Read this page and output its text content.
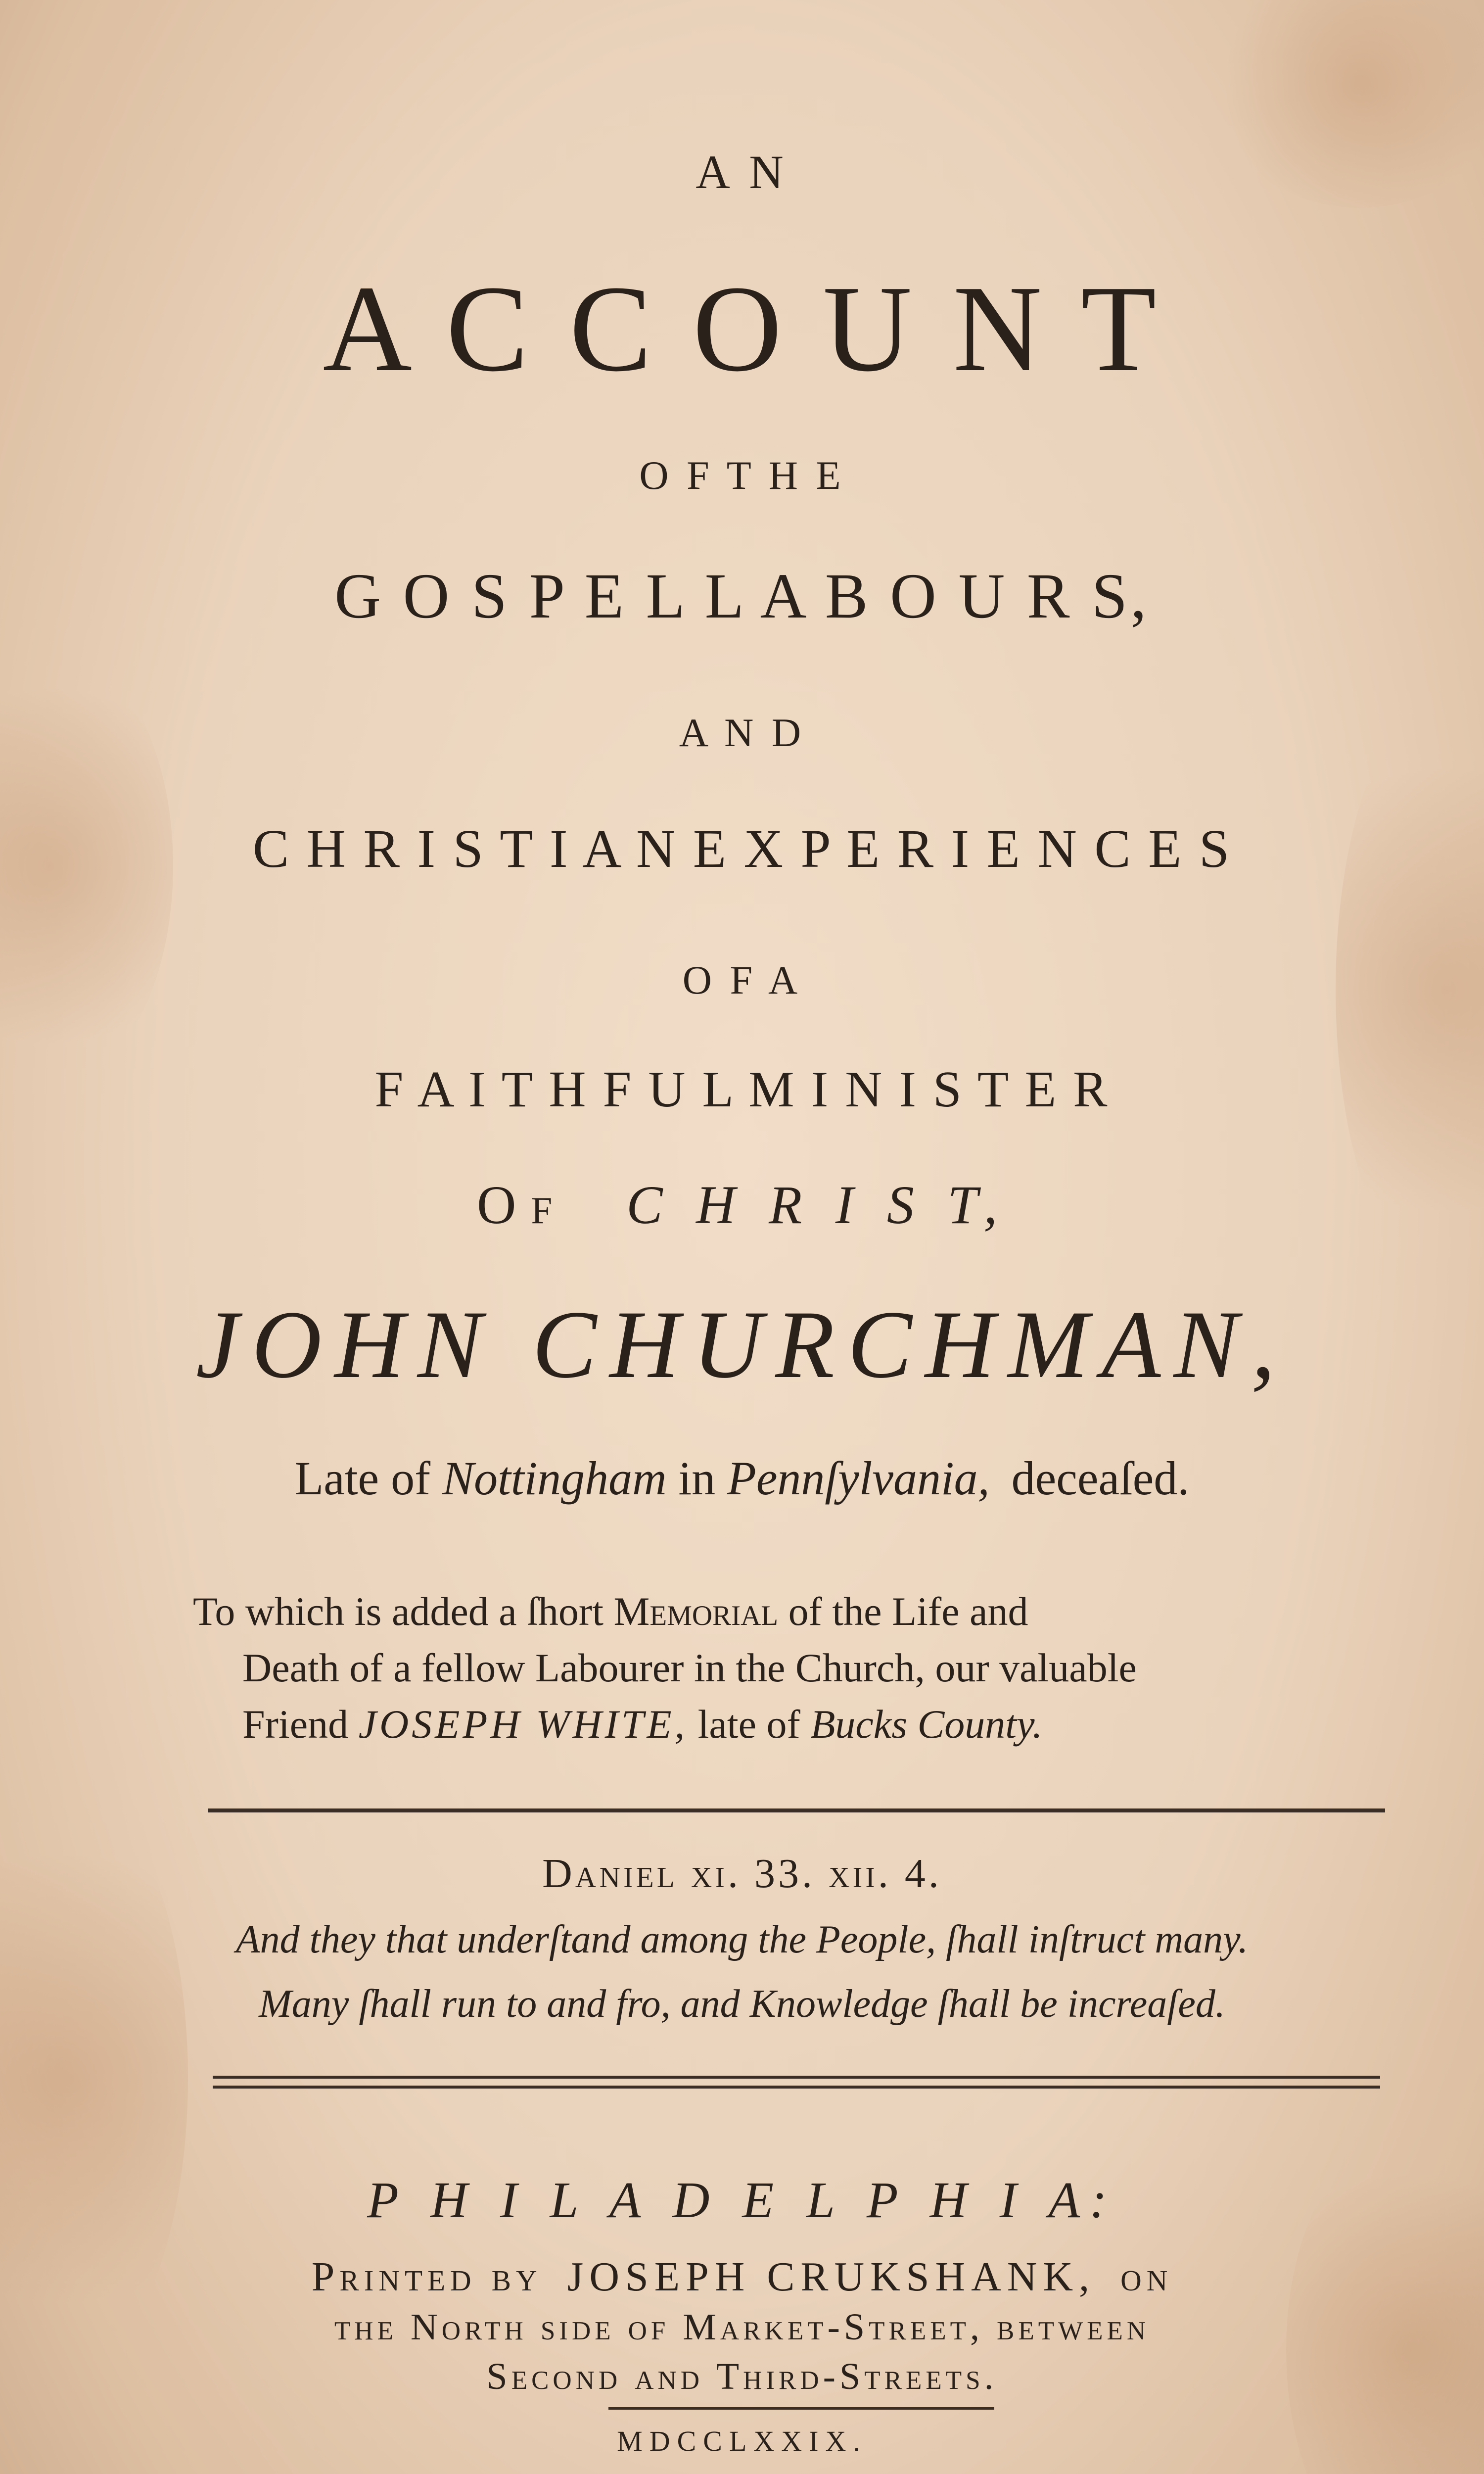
A N
A C C O U N T
O F T H E
G O S P E L L A B O U R S,
A N D
C H R I S T I A N E X P E R I E N C E S
O F A
F A I T H F U L M I N I S T E R
Of C H R I S T,
JOHN CHURCHMAN,
Late of Nottingham in Pennſylvania, deceaſed.
To which is added a ſhort Memorial of the Life and
Death of a fellow Labourer in the Church, our valuable
Friend JOSEPH WHITE, late of Bucks County.
Daniel xi. 33. xii. 4.
And they that underſtand among the People, ſhall inſtruct many.
Many ſhall run to and fro, and Knowledge ſhall be increaſed.
P H I L A D E L P H I A:
Printed by JOSEPH CRUKSHANK, on
the North side of Market-Street, between
Second and Third-Streets.
MDCCLXXIX.
